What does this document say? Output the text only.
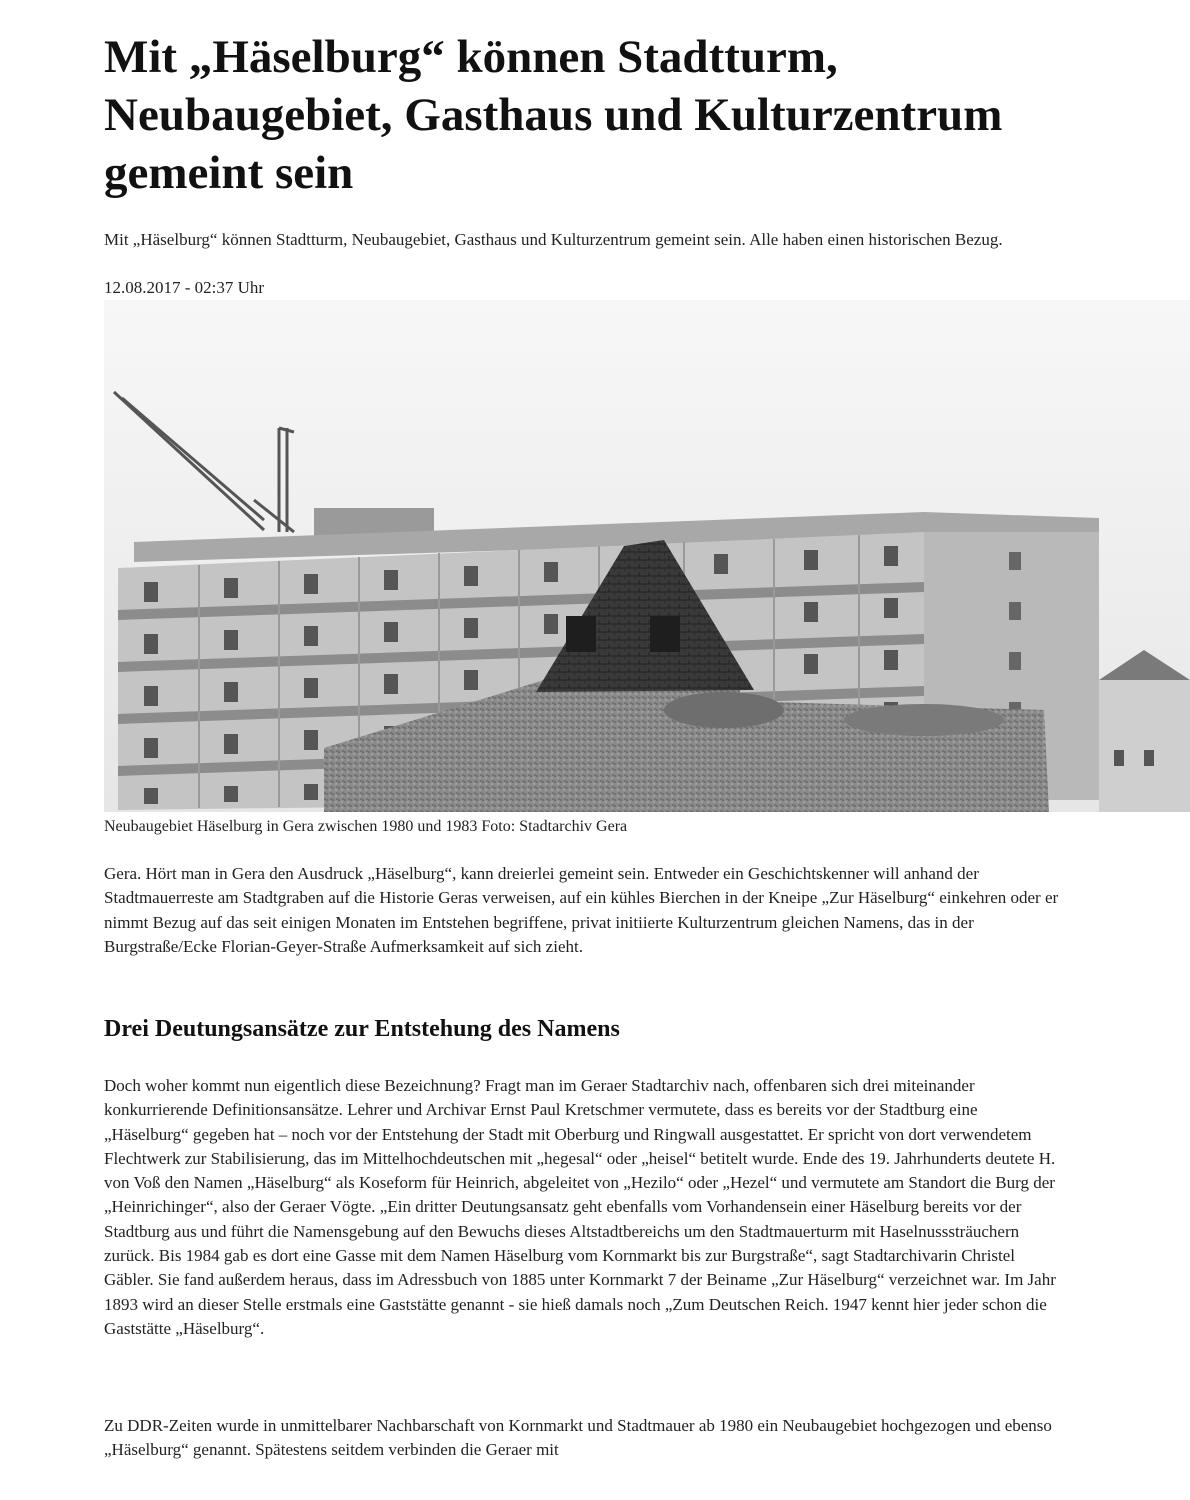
Mit „Häselburg“ können Stadtturm, Neubaugebiet, Gasthaus und Kulturzentrum gemeint sein

Mit „Häselburg“ können Stadtturm, Neubaugebiet, Gasthaus und Kulturzentrum gemeint sein. Alle haben einen historischen Bezug.

12.08.2017 - 02:37 Uhr

Neubaugebiet Häselburg in Gera zwischen 1980 und 1983 Foto: Stadtarchiv Gera

Gera. Hört man in Gera den Ausdruck „Häselburg“, kann dreierlei gemeint sein. Entweder ein Geschichtskenner will anhand der Stadtmauerreste am Stadtgraben auf die Historie Geras verweisen, auf ein kühles Bierchen in der Kneipe „Zur Häselburg“ einkehren oder er nimmt Bezug auf das seit einigen Monaten im Entstehen begriffene, privat initiierte Kulturzentrum gleichen Namens, das in der Burgstraße/Ecke Florian-Geyer-Straße Aufmerksamkeit auf sich zieht.

Drei Deutungsansätze zur Entstehung des Namens

Doch woher kommt nun eigentlich diese Bezeichnung? Fragt man im Geraer Stadtarchiv nach, offenbaren sich drei miteinander konkurrierende Definitionsansätze. Lehrer und Archivar Ernst Paul Kretschmer vermutete, dass es bereits vor der Stadtburg eine „Häselburg“ gegeben hat – noch vor der Entstehung der Stadt mit Oberburg und Ringwall ausgestattet. Er spricht von dort verwendetem Flechtwerk zur Stabilisierung, das im Mittelhochdeutschen mit „hegesal“ oder „heisel“ betitelt wurde. Ende des 19. Jahrhunderts deutete H. von Voß den Namen „Häselburg“ als Koseform für Heinrich, abgeleitet von „Hezilo“ oder „Hezel“ und vermutete am Standort die Burg der „Heinrichinger“, also der Geraer Vögte. „Ein dritter Deutungsansatz geht ebenfalls vom Vorhandensein einer Häselburg bereits vor der Stadtburg aus und führt die Namensgebung auf den Bewuchs dieses Altstadtbereichs um den Stadtmauerturm mit Haselnusssträuchern zurück. Bis 1984 gab es dort eine Gasse mit dem Namen Häselburg vom Kornmarkt bis zur Burgstraße“, sagt Stadtarchivarin Christel Gäbler. Sie fand außerdem heraus, dass im Adressbuch von 1885 unter Kornmarkt 7 der Beiname „Zur Häselburg“ verzeichnet war. Im Jahr 1893 wird an dieser Stelle erstmals eine Gaststätte genannt - sie hieß damals noch „Zum Deutschen Reich. 1947 kennt hier jeder schon die Gaststätte „Häselburg“.

Zu DDR-Zeiten wurde in unmittelbarer Nachbarschaft von Kornmarkt und Stadtmauer ab 1980 ein Neubaugebiet hochgezogen und ebenso „Häselburg“ genannt. Spätestens seitdem verbinden die Geraer mit
